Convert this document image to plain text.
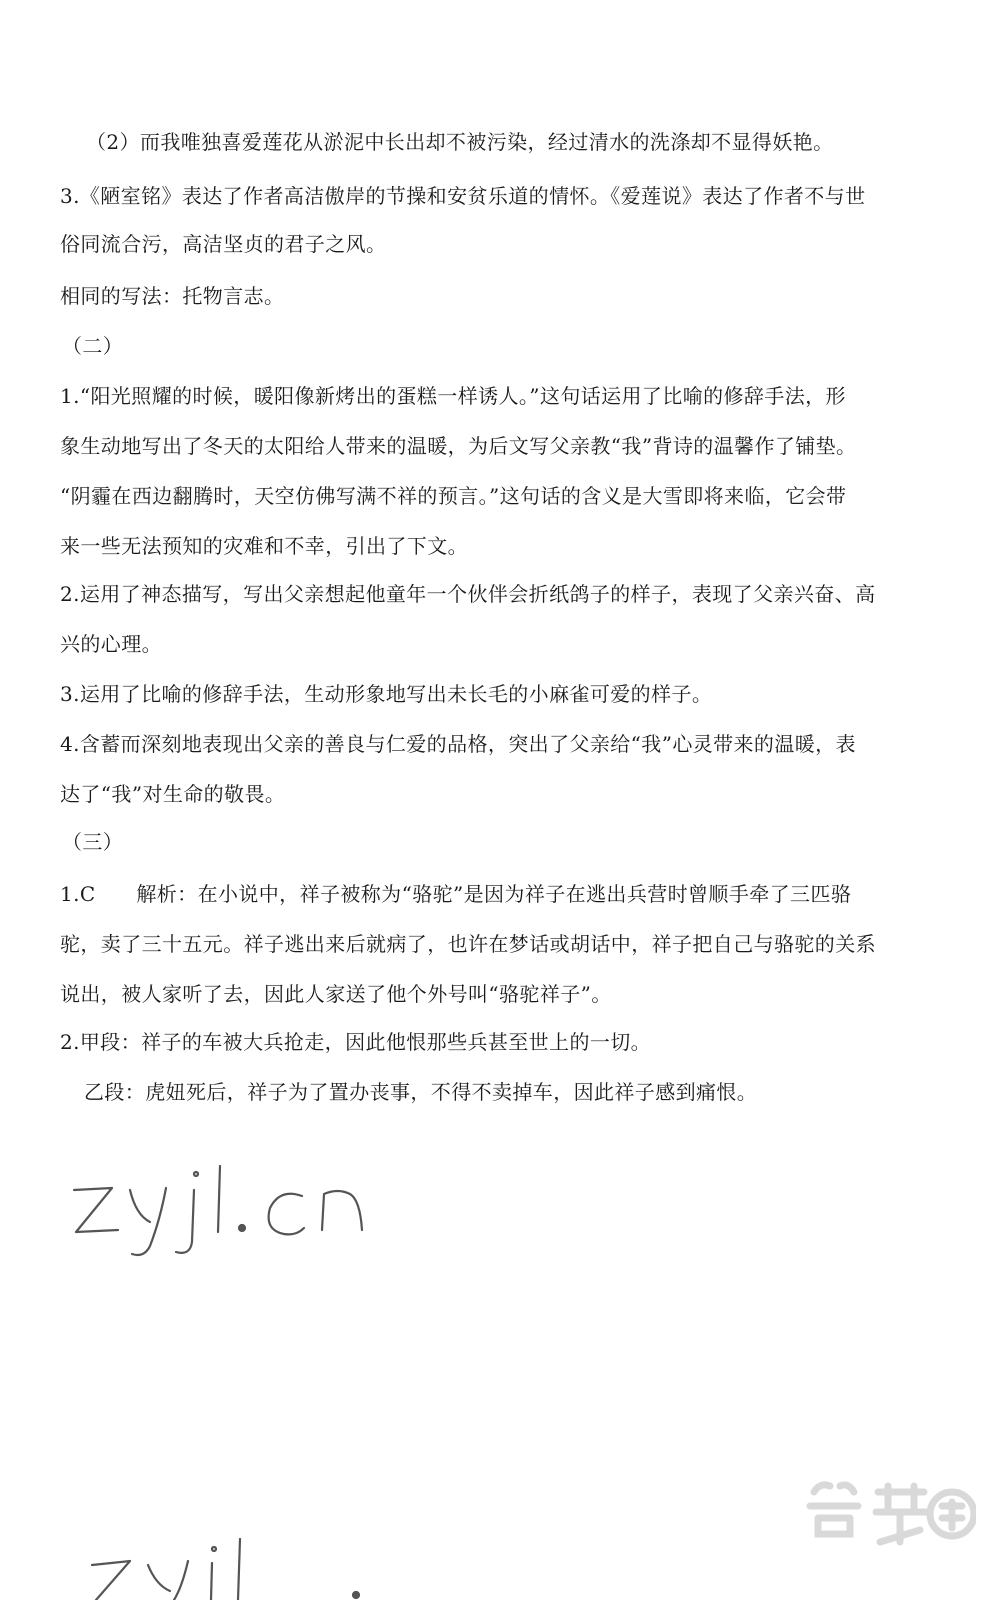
（2）而我唯独喜爱莲花从淤泥中长出却不被污染，经过清水的洗涤却不显得妖艳。
3.《陋室铭》表达了作者高洁傲岸的节操和安贫乐道的情怀。《爱莲说》表达了作者不与世
俗同流合污，高洁坚贞的君子之风。
相同的写法：托物言志。
（二）
1.“阳光照耀的时候，暖阳像新烤出的蛋糕一样诱人。”这句话运用了比喻的修辞手法，形
象生动地写出了冬天的太阳给人带来的温暖，为后文写父亲教“我”背诗的温馨作了铺垫。
“阴霾在西边翻腾时，天空仿佛写满不祥的预言。”这句话的含义是大雪即将来临，它会带
来一些无法预知的灾难和不幸，引出了下文。
2.运用了神态描写，写出父亲想起他童年一个伙伴会折纸鸽子的样子，表现了父亲兴奋、高
兴的心理。
3.运用了比喻的修辞手法，生动形象地写出未长毛的小麻雀可爱的样子。
4.含蓄而深刻地表现出父亲的善良与仁爱的品格，突出了父亲给“我”心灵带来的温暖，表
达了“我”对生命的敬畏。
（三）
1.C　　解析：在小说中，祥子被称为“骆驼”是因为祥子在逃出兵营时曾顺手牵了三匹骆
驼，卖了三十五元。祥子逃出来后就病了，也许在梦话或胡话中，祥子把自己与骆驼的关系
说出，被人家听了去，因此人家送了他个外号叫“骆驼祥子”。
2.甲段：祥子的车被大兵抢走，因此他恨那些兵甚至世上的一切。
乙段：虎妞死后，祥子为了置办丧事，不得不卖掉车，因此祥子感到痛恨。
